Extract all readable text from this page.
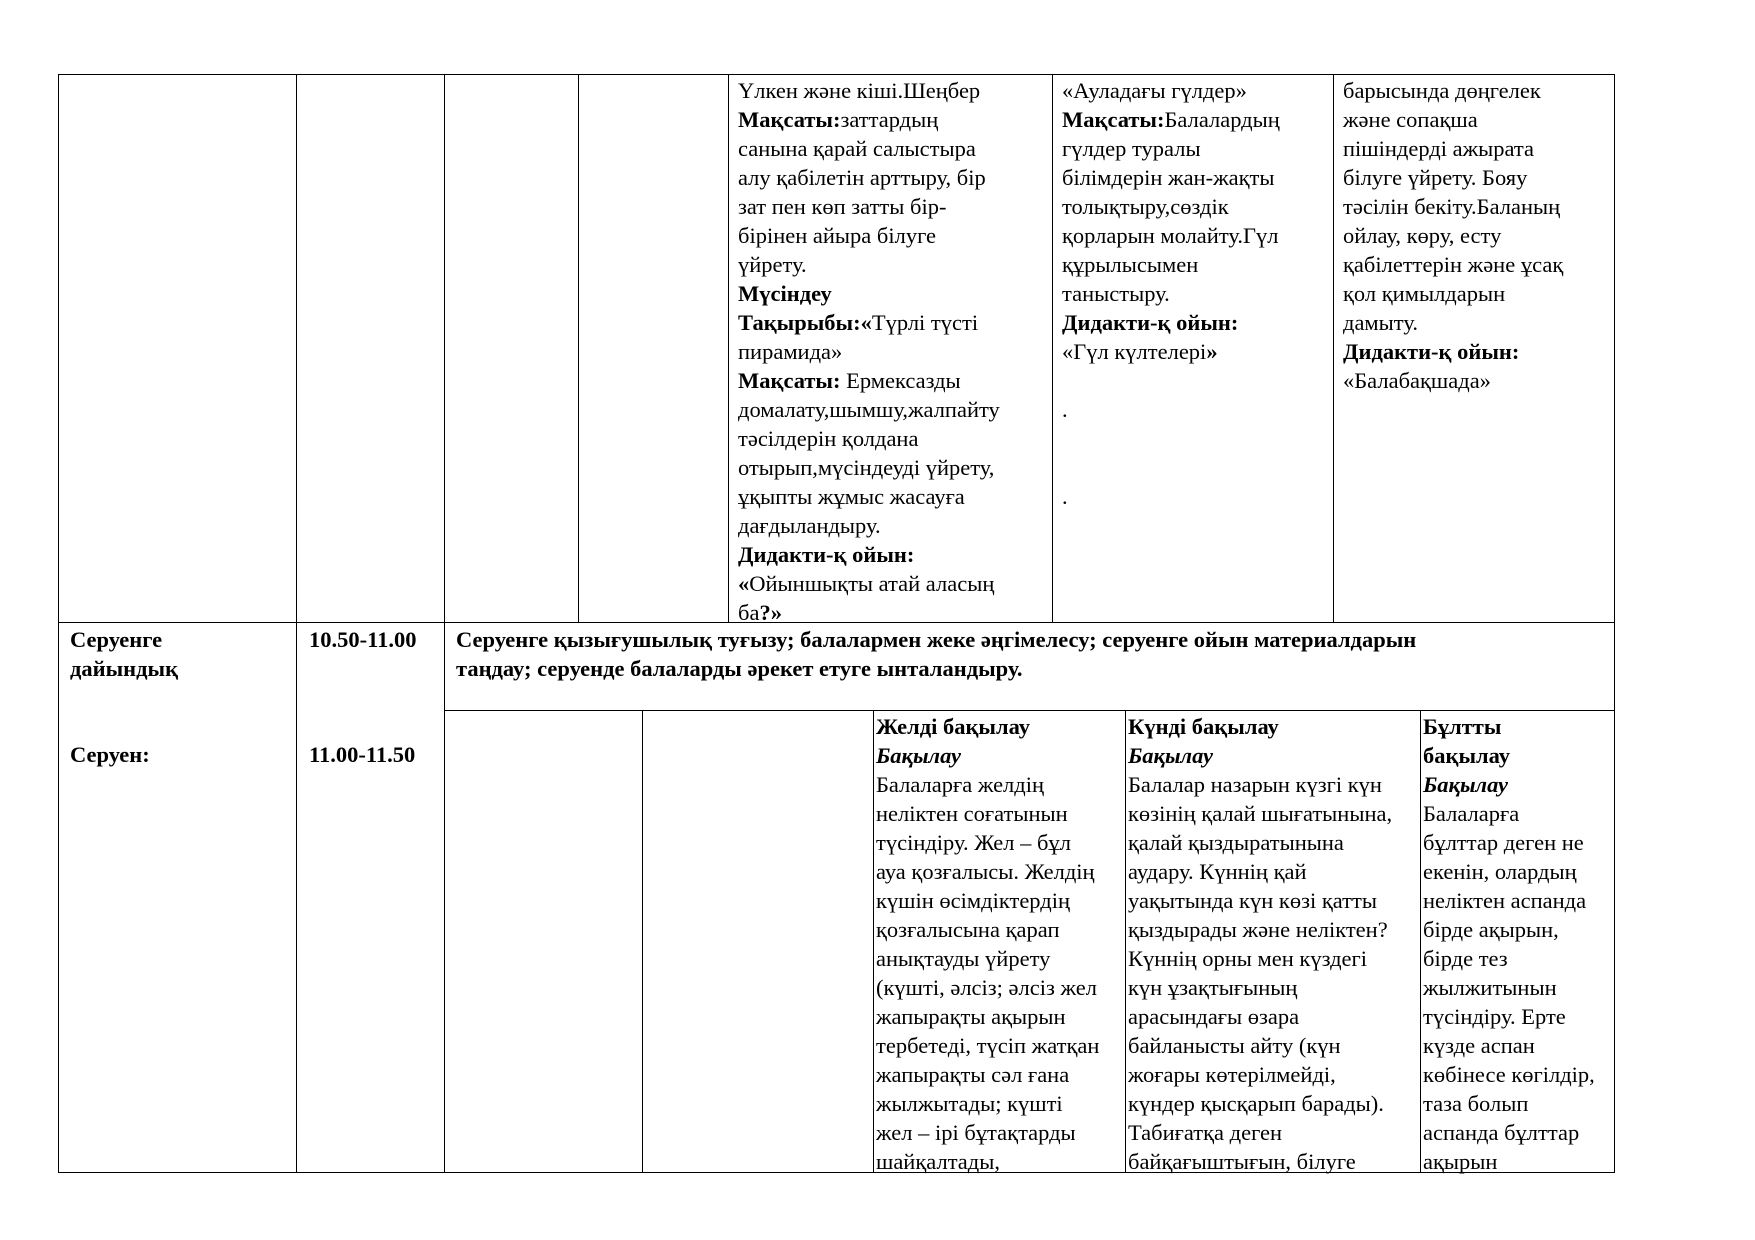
Үлкен және кіші.Шеңбер
Мақсаты:заттардың
санына қарай салыстыра
алу қабілетін арттыру, бір
зат пен көп затты бір-
бірінен айыра білуге
үйрету.
Мүсіндеу
Тақырыбы:«Түрлі түсті
пирамида»
Мақсаты: Ермексазды
домалату,шымшу,жалпайту
тәсілдерін қолдана
отырып,мүсіндеуді үйрету,
ұқыпты жұмыс жасауға
дағдыландыру.
Дидакти-қ ойын:
«Ойыншықты атай аласың
ба?»
«Ауладағы гүлдер»
Мақсаты:Балалардың
гүлдер туралы
білімдерін жан-жақты
толықтыру,сөздік
қорларын молайту.Гүл
құрылысымен
таныстыру.
Дидакти-қ ойын:
«Гүл күлтелері»
.
.
барысында дөңгелек
және сопақша
пішіндерді ажырата
білуге үйрету. Бояу
тәсілін бекіту.Баланың
ойлау, көру, есту
қабілеттерін және ұсақ
қол қимылдарын
дамыту.
Дидакти-қ ойын:
«Балабақшада»
Серуенге
дайындық
10.50-11.00 Серуенге қызығушылық туғызу; балалармен жеке әңгімелесу; серуенге ойын материалдарын
таңдау; серуенде балаларды әрекет етуге ынталандыру.
Серуен:	11.00-11.50
Желді бақылау
Бақылау
Балаларға желдің
неліктен соғатынын
түсіндіру. Жел – бұл
ауа қозғалысы. Желдің
күшін өсімдіктердің
қозғалысына қарап
анықтауды үйрету
(күшті, әлсіз; әлсіз жел
жапырақты ақырын
тербетеді, түсіп жатқан
жапырақты сәл ғана
жылжытады; күшті
жел – ірі бұтақтарды
шайқалтады,
Күнді бақылау
Бақылау
Балалар назарын күзгі күн
көзінің қалай шығатынына,
қалай қыздыратынына
аудару. Күннің қай
уақытында күн көзі қатты
қыздырады және неліктен?
Күннің орны мен күздегі
күн ұзақтығының
арасындағы өзара
байланысты айту (күн
жоғары көтерілмейді,
күндер қысқарып барады).
Табиғатқа деген
байқағыштығын, білуге
Бұлтты
бақылау
Бақылау
Балаларға
бұлттар деген не
екенін, олардың
неліктен аспанда
бірде ақырын,
бірде тез
жылжитынын
түсіндіру. Ерте
күзде аспан
көбінесе көгілдір,
таза болып
аспанда бұлттар
ақырын
